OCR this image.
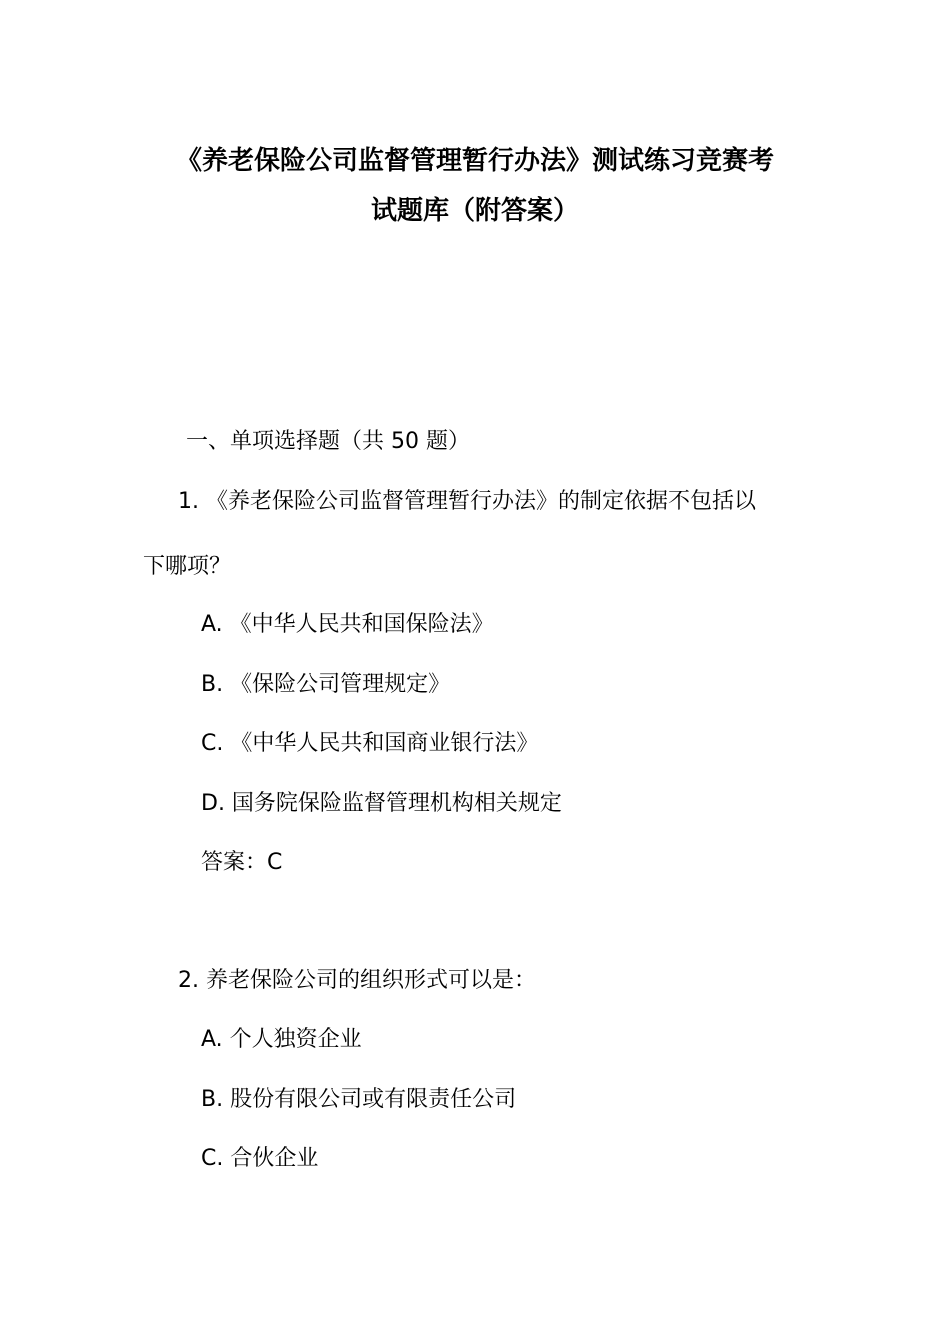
《养老保险公司监督管理暂行办法》测试练习竞赛考
试题库（附答案）
一、单项选择题（共 50 题）
1. 《养老保险公司监督管理暂行办法》的制定依据不包括以
下哪项？
A. 《中华人民共和国保险法》
B. 《保险公司管理规定》
C. 《中华人民共和国商业银行法》
D. 国务院保险监督管理机构相关规定
答案：C
2. 养老保险公司的组织形式可以是：
A. 个人独资企业
B. 股份有限公司或有限责任公司
C. 合伙企业
